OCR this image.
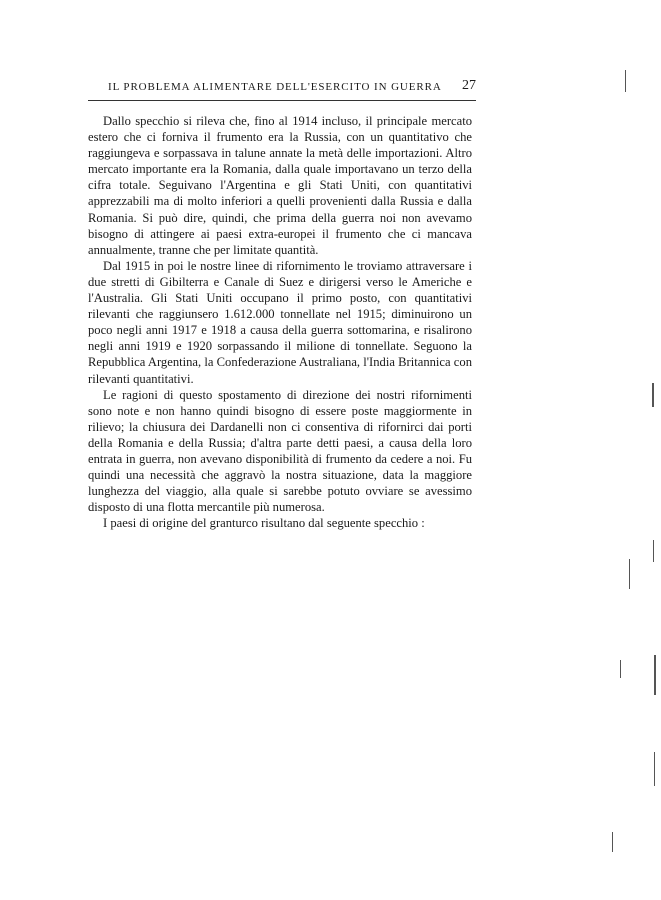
IL PROBLEMA ALIMENTARE DELL'ESERCITO IN GUERRA 27

Dallo specchio si rileva che, fino al 1914 incluso, il principale mercato estero che ci forniva il frumento era la Russia, con un quantitativo che raggiungeva e sorpassava in talune annate la metà delle importazioni. Altro mercato importante era la Romania, dalla quale importavano un terzo della cifra totale. Seguivano l'Argentina e gli Stati Uniti, con quantitativi apprezzabili ma di molto inferiori a quelli provenienti dalla Russia e dalla Romania. Si può dire, quindi, che prima della guerra noi non avevamo bisogno di attingere ai paesi extra-europei il frumento che ci mancava annualmente, tranne che per limitate quantità.

Dal 1915 in poi le nostre linee di rifornimento le troviamo attraversare i due stretti di Gibilterra e Canale di Suez e dirigersi verso le Americhe e l'Australia. Gli Stati Uniti occupano il primo posto, con quantitativi rilevanti che raggiunsero 1.612.000 tonnellate nel 1915; diminuirono un poco negli anni 1917 e 1918 a causa della guerra sottomarina, e risalirono negli anni 1919 e 1920 sorpassando il milione di tonnellate. Seguono la Repubblica Argentina, la Confederazione Australiana, l'India Britannica con rilevanti quantitativi.

Le ragioni di questo spostamento di direzione dei nostri rifornimenti sono note e non hanno quindi bisogno di essere poste maggiormente in rilievo; la chiusura dei Dardanelli non ci consentiva di rifornirci dai porti della Romania e della Russia; d'altra parte detti paesi, a causa della loro entrata in guerra, non avevano disponibilità di frumento da cedere a noi. Fu quindi una necessità che aggravò la nostra situazione, data la maggiore lunghezza del viaggio, alla quale si sarebbe potuto ovviare se avessimo disposto di una flotta mercantile più numerosa.

I paesi di origine del granturco risultano dal seguente specchio :
